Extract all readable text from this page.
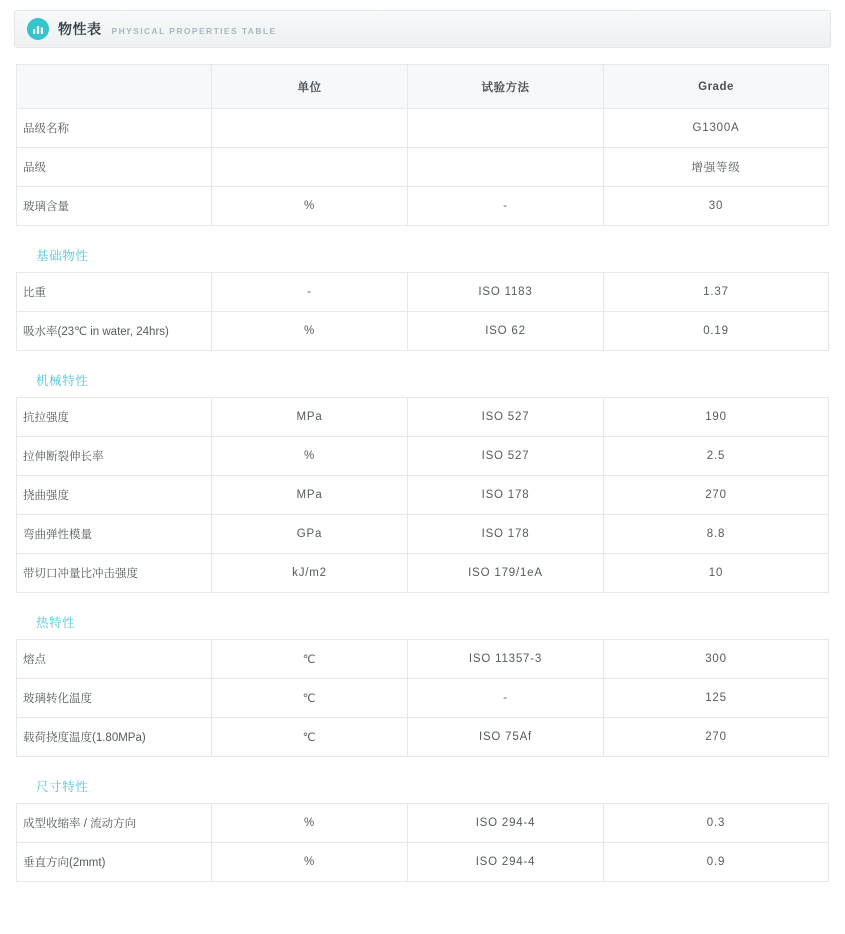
物性表 PHYSICAL PROPERTIES TABLE
	单位	试验方法	Grade
品级名称			G1300A
品级			增强等级
玻璃含量	%	-	30
基础物性
比重	-	ISO 1183	1.37
吸水率(23℃ in water, 24hrs)	%	ISO 62	0.19
机械特性
抗拉强度	MPa	ISO 527	190
拉伸断裂伸长率	%	ISO 527	2.5
挠曲强度	MPa	ISO 178	270
弯曲弹性模量	GPa	ISO 178	8.8
带切口冲量比冲击强度	kJ/m2	ISO 179/1eA	10
热特性
熔点	℃	ISO 11357-3	300
玻璃转化温度	℃	-	125
载荷挠度温度(1.80MPa)	℃	ISO 75Af	270
尺寸特性
成型收缩率 / 流动方向	%	ISO 294-4	0.3
垂直方向(2mmt)	%	ISO 294-4	0.9
